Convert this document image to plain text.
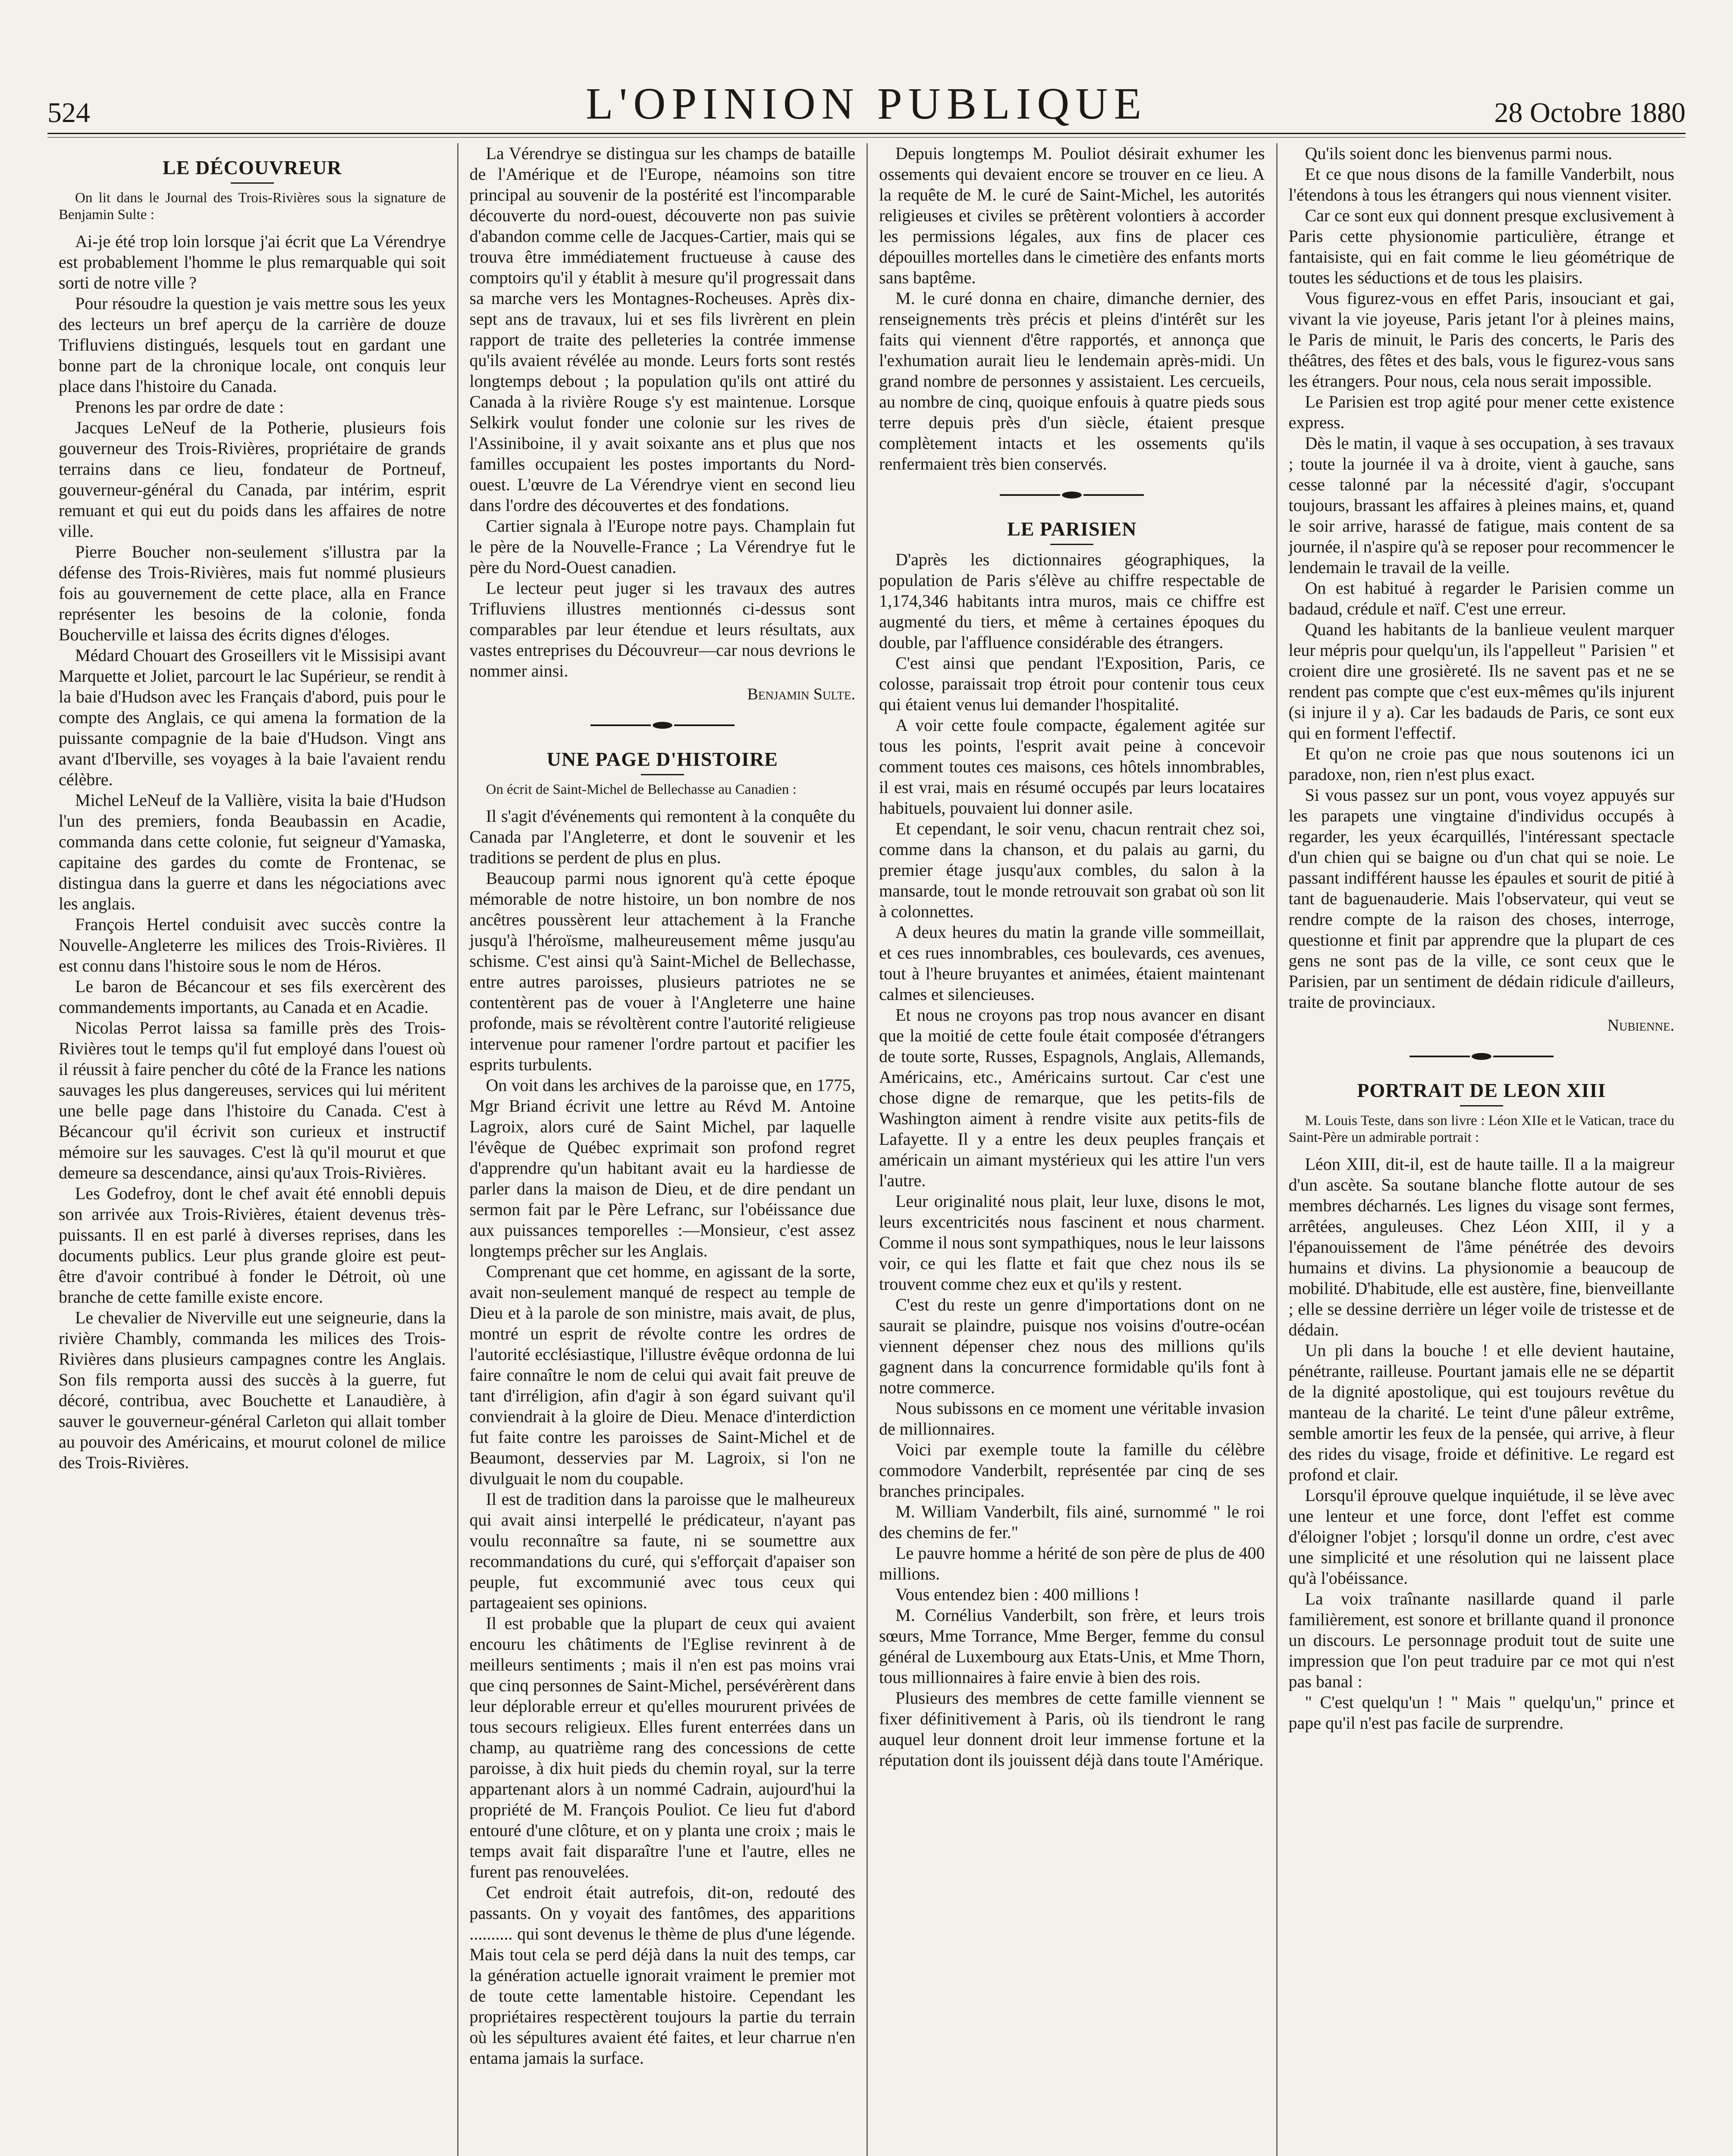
524	L'OPINION PUBLIQUE	28 Octobre 1880
LE DÉCOUVREUR

On lit dans le Journal des Trois-Rivières sous la signature de Benjamin Sulte :

Ai-je été trop loin lorsque j'ai écrit que La Vérendrye est probablement l'homme le plus remarquable qui soit sorti de notre ville ?

Pour résoudre la question je vais mettre sous les yeux des lecteurs un bref aperçu de la carrière de douze Trifluviens distingués, lesquels tout en gardant une bonne part de la chronique locale, ont conquis leur place dans l'histoire du Canada.

Prenons les par ordre de date :

Jacques LeNeuf de la Potherie, plusieurs fois gouverneur des Trois-Rivières, propriétaire de grands terrains dans ce lieu, fondateur de Portneuf, gouverneur-général du Canada, par intérim, esprit remuant et qui eut du poids dans les affaires de notre ville.

Pierre Boucher non-seulement s'illustra par la défense des Trois-Rivières, mais fut nommé plusieurs fois au gouvernement de cette place, alla en France représenter les besoins de la colonie, fonda Boucherville et laissa des écrits dignes d'éloges.

Médard Chouart des Groseillers vit le Missisipi avant Marquette et Joliet, parcourt le lac Supérieur, se rendit à la baie d'Hudson avec les Français d'abord, puis pour le compte des Anglais, ce qui amena la formation de la puissante compagnie de la baie d'Hudson. Vingt ans avant d'Iberville, ses voyages à la baie l'avaient rendu célèbre.

Michel LeNeuf de la Vallière, visita la baie d'Hudson l'un des premiers, fonda Beaubassin en Acadie, commanda dans cette colonie, fut seigneur d'Yamaska, capitaine des gardes du comte de Frontenac, se distingua dans la guerre et dans les négociations avec les anglais.

François Hertel conduisit avec succès contre la Nouvelle-Angleterre les milices des Trois-Rivières. Il est connu dans l'histoire sous le nom de Héros.

Le baron de Bécancour et ses fils exercèrent des commandements importants, au Canada et en Acadie.

Nicolas Perrot laissa sa famille près des Trois-Rivières tout le temps qu'il fut employé dans l'ouest où il réussit à faire pencher du côté de la France les nations sauvages les plus dangereuses, services qui lui méritent une belle page dans l'histoire du Canada. C'est à Bécancour qu'il écrivit son curieux et instructif mémoire sur les sauvages. C'est là qu'il mourut et que demeure sa descendance, ainsi qu'aux Trois-Rivières.

Les Godefroy, dont le chef avait été ennobli depuis son arrivée aux Trois-Rivières, étaient devenus très-puissants. Il en est parlé à diverses reprises, dans les documents publics. Leur plus grande gloire est peut-être d'avoir contribué à fonder le Détroit, où une branche de cette famille existe encore.

Le chevalier de Niverville eut une seigneurie, dans la rivière Chambly, commanda les milices des Trois-Rivières dans plusieurs campagnes contre les Anglais. Son fils remporta aussi des succès à la guerre, fut décoré, contribua, avec Bouchette et Lanaudière, à sauver le gouverneur-général Carleton qui allait tomber au pouvoir des Américains, et mourut colonel de milice des Trois-Rivières.

La Vérendrye se distingua sur les champs de bataille de l'Amérique et de l'Europe, néamoins son titre principal au souvenir de la postérité est l'incomparable découverte du nord-ouest, découverte non pas suivie d'abandon comme celle de Jacques-Cartier, mais qui se trouva être immédiatement fructueuse à cause des comptoirs qu'il y établit à mesure qu'il progressait dans sa marche vers les Montagnes-Rocheuses. Après dix-sept ans de travaux, lui et ses fils livrèrent en plein rapport de traite des pelleteries la contrée immense qu'ils avaient révélée au monde. Leurs forts sont restés longtemps debout ; la population qu'ils ont attiré du Canada à la rivière Rouge s'y est maintenue. Lorsque Selkirk voulut fonder une colonie sur les rives de l'Assiniboine, il y avait soixante ans et plus que nos familles occupaient les postes importants du Nord-ouest. L'œuvre de La Vérendrye vient en second lieu dans l'ordre des découvertes et des fondations.

Cartier signala à l'Europe notre pays. Champlain fut le père de la Nouvelle-France ; La Vérendrye fut le père du Nord-Ouest canadien.

Le lecteur peut juger si les travaux des autres Trifluviens illustres mentionnés ci-dessus sont comparables par leur étendue et leurs résultats, aux vastes entreprises du Découvreur—car nous devrions le nommer ainsi.

Benjamin Sulte.

UNE PAGE D'HISTOIRE

On écrit de Saint-Michel de Bellechasse au Canadien :

Il s'agit d'événements qui remontent à la conquête du Canada par l'Angleterre, et dont le souvenir et les traditions se perdent de plus en plus.

Beaucoup parmi nous ignorent qu'à cette époque mémorable de notre histoire, un bon nombre de nos ancêtres poussèrent leur attachement à la Franche jusqu'à l'héroïsme, malheureusement même jusqu'au schisme. C'est ainsi qu'à Saint-Michel de Bellechasse, entre autres paroisses, plusieurs patriotes ne se contentèrent pas de vouer à l'Angleterre une haine profonde, mais se révoltèrent contre l'autorité religieuse intervenue pour ramener l'ordre partout et pacifier les esprits turbulents.

On voit dans les archives de la paroisse que, en 1775, Mgr Briand écrivit une lettre au Révd M. Antoine Lagroix, alors curé de Saint Michel, par laquelle l'évêque de Québec exprimait son profond regret d'apprendre qu'un habitant avait eu la hardiesse de parler dans la maison de Dieu, et de dire pendant un sermon fait par le Père Lefranc, sur l'obéissance due aux puissances temporelles :—Monsieur, c'est assez longtemps prêcher sur les Anglais.

Comprenant que cet homme, en agissant de la sorte, avait non-seulement manqué de respect au temple de Dieu et à la parole de son ministre, mais avait, de plus, montré un esprit de révolte contre les ordres de l'autorité ecclésiastique, l'illustre évêque ordonna de lui faire connaître le nom de celui qui avait fait preuve de tant d'irréligion, afin d'agir à son égard suivant qu'il conviendrait à la gloire de Dieu. Menace d'interdiction fut faite contre les paroisses de Saint-Michel et de Beaumont, desservies par M. Lagroix, si l'on ne divulguait le nom du coupable.

Il est de tradition dans la paroisse que le malheureux qui avait ainsi interpellé le prédicateur, n'ayant pas voulu reconnaître sa faute, ni se soumettre aux recommandations du curé, qui s'efforçait d'apaiser son peuple, fut excommunié avec tous ceux qui partageaient ses opinions.

Il est probable que la plupart de ceux qui avaient encouru les châtiments de l'Eglise revinrent à de meilleurs sentiments ; mais il n'en est pas moins vrai que cinq personnes de Saint-Michel, persévérèrent dans leur déplorable erreur et qu'elles moururent privées de tous secours religieux. Elles furent enterrées dans un champ, au quatrième rang des concessions de cette paroisse, à dix huit pieds du chemin royal, sur la terre appartenant alors à un nommé Cadrain, aujourd'hui la propriété de M. François Pouliot. Ce lieu fut d'abord entouré d'une clôture, et on y planta une croix ; mais le temps avait fait disparaître l'une et l'autre, elles ne furent pas renouvelées.

Cet endroit était autrefois, dit-on, redouté des passants. On y voyait des fantômes, des apparitions .......... qui sont devenus le thème de plus d'une légende. Mais tout cela se perd déjà dans la nuit des temps, car la génération actuelle ignorait vraiment le premier mot de toute cette lamentable histoire. Cependant les propriétaires respectèrent toujours la partie du terrain où les sépultures avaient été faites, et leur charrue n'en entama jamais la surface.

Depuis longtemps M. Pouliot désirait exhumer les ossements qui devaient encore se trouver en ce lieu. A la requête de M. le curé de Saint-Michel, les autorités religieuses et civiles se prêtèrent volontiers à accorder les permissions légales, aux fins de placer ces dépouilles mortelles dans le cimetière des enfants morts sans baptême.

M. le curé donna en chaire, dimanche dernier, des renseignements très précis et pleins d'intérêt sur les faits qui viennent d'être rapportés, et annonça que l'exhumation aurait lieu le lendemain après-midi. Un grand nombre de personnes y assistaient. Les cercueils, au nombre de cinq, quoique enfouis à quatre pieds sous terre depuis près d'un siècle, étaient presque complètement intacts et les ossements qu'ils renfermaient très bien conservés.

LE PARISIEN

D'après les dictionnaires géographiques, la population de Paris s'élève au chiffre respectable de 1,174,346 habitants intra muros, mais ce chiffre est augmenté du tiers, et même à certaines époques du double, par l'affluence considérable des étrangers.

C'est ainsi que pendant l'Exposition, Paris, ce colosse, paraissait trop étroit pour contenir tous ceux qui étaient venus lui demander l'hospitalité.

A voir cette foule compacte, également agitée sur tous les points, l'esprit avait peine à concevoir comment toutes ces maisons, ces hôtels innombrables, il est vrai, mais en résumé occupés par leurs locataires habituels, pouvaient lui donner asile.

Et cependant, le soir venu, chacun rentrait chez soi, comme dans la chanson, et du palais au garni, du premier étage jusqu'aux combles, du salon à la mansarde, tout le monde retrouvait son grabat où son lit à colonnettes.

A deux heures du matin la grande ville sommeillait, et ces rues innombrables, ces boulevards, ces avenues, tout à l'heure bruyantes et animées, étaient maintenant calmes et silencieuses.

Et nous ne croyons pas trop nous avancer en disant que la moitié de cette foule était composée d'étrangers de toute sorte, Russes, Espagnols, Anglais, Allemands, Américains, etc., Américains surtout. Car c'est une chose digne de remarque, que les petits-fils de Washington aiment à rendre visite aux petits-fils de Lafayette. Il y a entre les deux peuples français et américain un aimant mystérieux qui les attire l'un vers l'autre.

Leur originalité nous plait, leur luxe, disons le mot, leurs excentricités nous fascinent et nous charment. Comme il nous sont sympathiques, nous le leur laissons voir, ce qui les flatte et fait que chez nous ils se trouvent comme chez eux et qu'ils y restent.

C'est du reste un genre d'importations dont on ne saurait se plaindre, puisque nos voisins d'outre-océan viennent dépenser chez nous des millions qu'ils gagnent dans la concurrence formidable qu'ils font à notre commerce.

Nous subissons en ce moment une véritable invasion de millionnaires.

Voici par exemple toute la famille du célèbre commodore Vanderbilt, représentée par cinq de ses branches principales.

M. William Vanderbilt, fils ainé, surnommé " le roi des chemins de fer."

Le pauvre homme a hérité de son père de plus de 400 millions.

Vous entendez bien : 400 millions !

M. Cornélius Vanderbilt, son frère, et leurs trois sœurs, Mme Torrance, Mme Berger, femme du consul général de Luxembourg aux Etats-Unis, et Mme Thorn, tous millionnaires à faire envie à bien des rois.

Plusieurs des membres de cette famille viennent se fixer définitivement à Paris, où ils tiendront le rang auquel leur donnent droit leur immense fortune et la réputation dont ils jouissent déjà dans toute l'Amérique.

Qu'ils soient donc les bienvenus parmi nous.

Et ce que nous disons de la famille Vanderbilt, nous l'étendons à tous les étrangers qui nous viennent visiter.

Car ce sont eux qui donnent presque exclusivement à Paris cette physionomie particulière, étrange et fantaisiste, qui en fait comme le lieu géométrique de toutes les séductions et de tous les plaisirs.

Vous figurez-vous en effet Paris, insouciant et gai, vivant la vie joyeuse, Paris jetant l'or à pleines mains, le Paris de minuit, le Paris des concerts, le Paris des théâtres, des fêtes et des bals, vous le figurez-vous sans les étrangers. Pour nous, cela nous serait impossible.

Le Parisien est trop agité pour mener cette existence express.

Dès le matin, il vaque à ses occupation, à ses travaux ; toute la journée il va à droite, vient à gauche, sans cesse talonné par la nécessité d'agir, s'occupant toujours, brassant les affaires à pleines mains, et, quand le soir arrive, harassé de fatigue, mais content de sa journée, il n'aspire qu'à se reposer pour recommencer le lendemain le travail de la veille.

On est habitué à regarder le Parisien comme un badaud, crédule et naïf. C'est une erreur.

Quand les habitants de la banlieue veulent marquer leur mépris pour quelqu'un, ils l'appelleut " Parisien " et croient dire une grosièreté. Ils ne savent pas et ne se rendent pas compte que c'est eux-mêmes qu'ils injurent (si injure il y a). Car les badauds de Paris, ce sont eux qui en forment l'effectif.

Et qu'on ne croie pas que nous soutenons ici un paradoxe, non, rien n'est plus exact.

Si vous passez sur un pont, vous voyez appuyés sur les parapets une vingtaine d'individus occupés à regarder, les yeux écarquillés, l'intéressant spectacle d'un chien qui se baigne ou d'un chat qui se noie. Le passant indifférent hausse les épaules et sourit de pitié à tant de baguenauderie. Mais l'observateur, qui veut se rendre compte de la raison des choses, interroge, questionne et finit par apprendre que la plupart de ces gens ne sont pas de la ville, ce sont ceux que le Parisien, par un sentiment de dédain ridicule d'ailleurs, traite de provinciaux.

Nubienne.

PORTRAIT DE LEON XIII

M. Louis Teste, dans son livre : Léon XIIe et le Vatican, trace du Saint-Père un admirable portrait :

Léon XIII, dit-il, est de haute taille. Il a la maigreur d'un ascète. Sa soutane blanche flotte autour de ses membres décharnés. Les lignes du visage sont fermes, arrêtées, anguleuses. Chez Léon XIII, il y a l'épanouissement de l'âme pénétrée des devoirs humains et divins. La physionomie a beaucoup de mobilité. D'habitude, elle est austère, fine, bienveillante ; elle se dessine derrière un léger voile de tristesse et de dédain.

Un pli dans la bouche ! et elle devient hautaine, pénétrante, railleuse. Pourtant jamais elle ne se départit de la dignité apostolique, qui est toujours revêtue du manteau de la charité. Le teint d'une pâleur extrême, semble amortir les feux de la pensée, qui arrive, à fleur des rides du visage, froide et définitive. Le regard est profond et clair.

Lorsqu'il éprouve quelque inquiétude, il se lève avec une lenteur et une force, dont l'effet est comme d'éloigner l'objet ; lorsqu'il donne un ordre, c'est avec une simplicité et une résolution qui ne laissent place qu'à l'obéissance.

La voix traînante nasillarde quand il parle familièrement, est sonore et brillante quand il prononce un discours. Le personnage produit tout de suite une impression que l'on peut traduire par ce mot qui n'est pas banal :

" C'est quelqu'un ! " Mais " quelqu'un," prince et pape qu'il n'est pas facile de surprendre.
